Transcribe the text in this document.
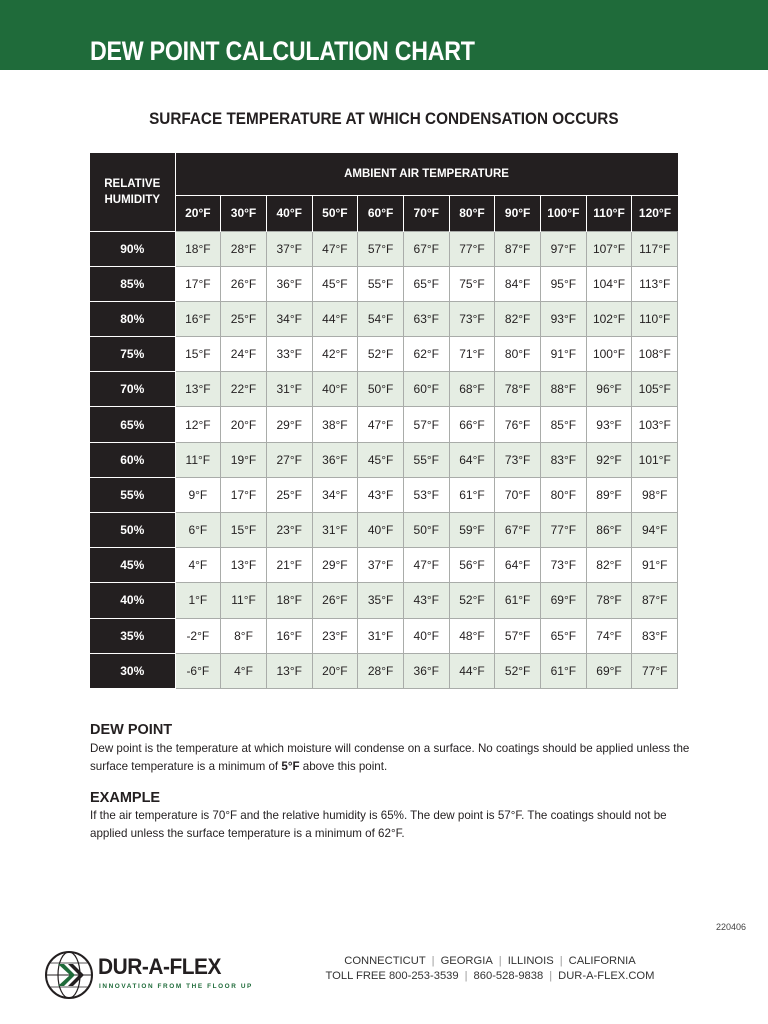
DEW POINT CALCULATION CHART
SURFACE TEMPERATURE AT WHICH CONDENSATION OCCURS
RELATIVE
HUMIDITY	AMBIENT AIR TEMPERATURE										
	20°F	30°F	40°F	50°F	60°F	70°F	80°F	90°F	100°F	110°F	120°F
90%	18°F	28°F	37°F	47°F	57°F	67°F	77°F	87°F	97°F	107°F	117°F
85%	17°F	26°F	36°F	45°F	55°F	65°F	75°F	84°F	95°F	104°F	113°F
80%	16°F	25°F	34°F	44°F	54°F	63°F	73°F	82°F	93°F	102°F	110°F
75%	15°F	24°F	33°F	42°F	52°F	62°F	71°F	80°F	91°F	100°F	108°F
70%	13°F	22°F	31°F	40°F	50°F	60°F	68°F	78°F	88°F	96°F	105°F
65%	12°F	20°F	29°F	38°F	47°F	57°F	66°F	76°F	85°F	93°F	103°F
60%	11°F	19°F	27°F	36°F	45°F	55°F	64°F	73°F	83°F	92°F	101°F
55%	9°F	17°F	25°F	34°F	43°F	53°F	61°F	70°F	80°F	89°F	98°F
50%	6°F	15°F	23°F	31°F	40°F	50°F	59°F	67°F	77°F	86°F	94°F
45%	4°F	13°F	21°F	29°F	37°F	47°F	56°F	64°F	73°F	82°F	91°F
40%	1°F	11°F	18°F	26°F	35°F	43°F	52°F	61°F	69°F	78°F	87°F
35%	-2°F	8°F	16°F	23°F	31°F	40°F	48°F	57°F	65°F	74°F	83°F
30%	-6°F	4°F	13°F	20°F	28°F	36°F	44°F	52°F	61°F	69°F	77°F
DEW POINT
Dew point is the temperature at which moisture will condense on a surface. No coatings should be applied unless the surface temperature is a minimum of 5°F above this point.
EXAMPLE
If the air temperature is 70°F and the relative humidity is 65%. The dew point is 57°F. The coatings should not be applied unless the surface temperature is a minimum of 62°F.
220406
DUR-A-FLEX
INNOVATION FROM THE FLOOR UP
CONNECTICUT | GEORGIA | ILLINOIS | CALIFORNIA
TOLL FREE 800-253-3539 | 860-528-9838 | DUR-A-FLEX.COM
